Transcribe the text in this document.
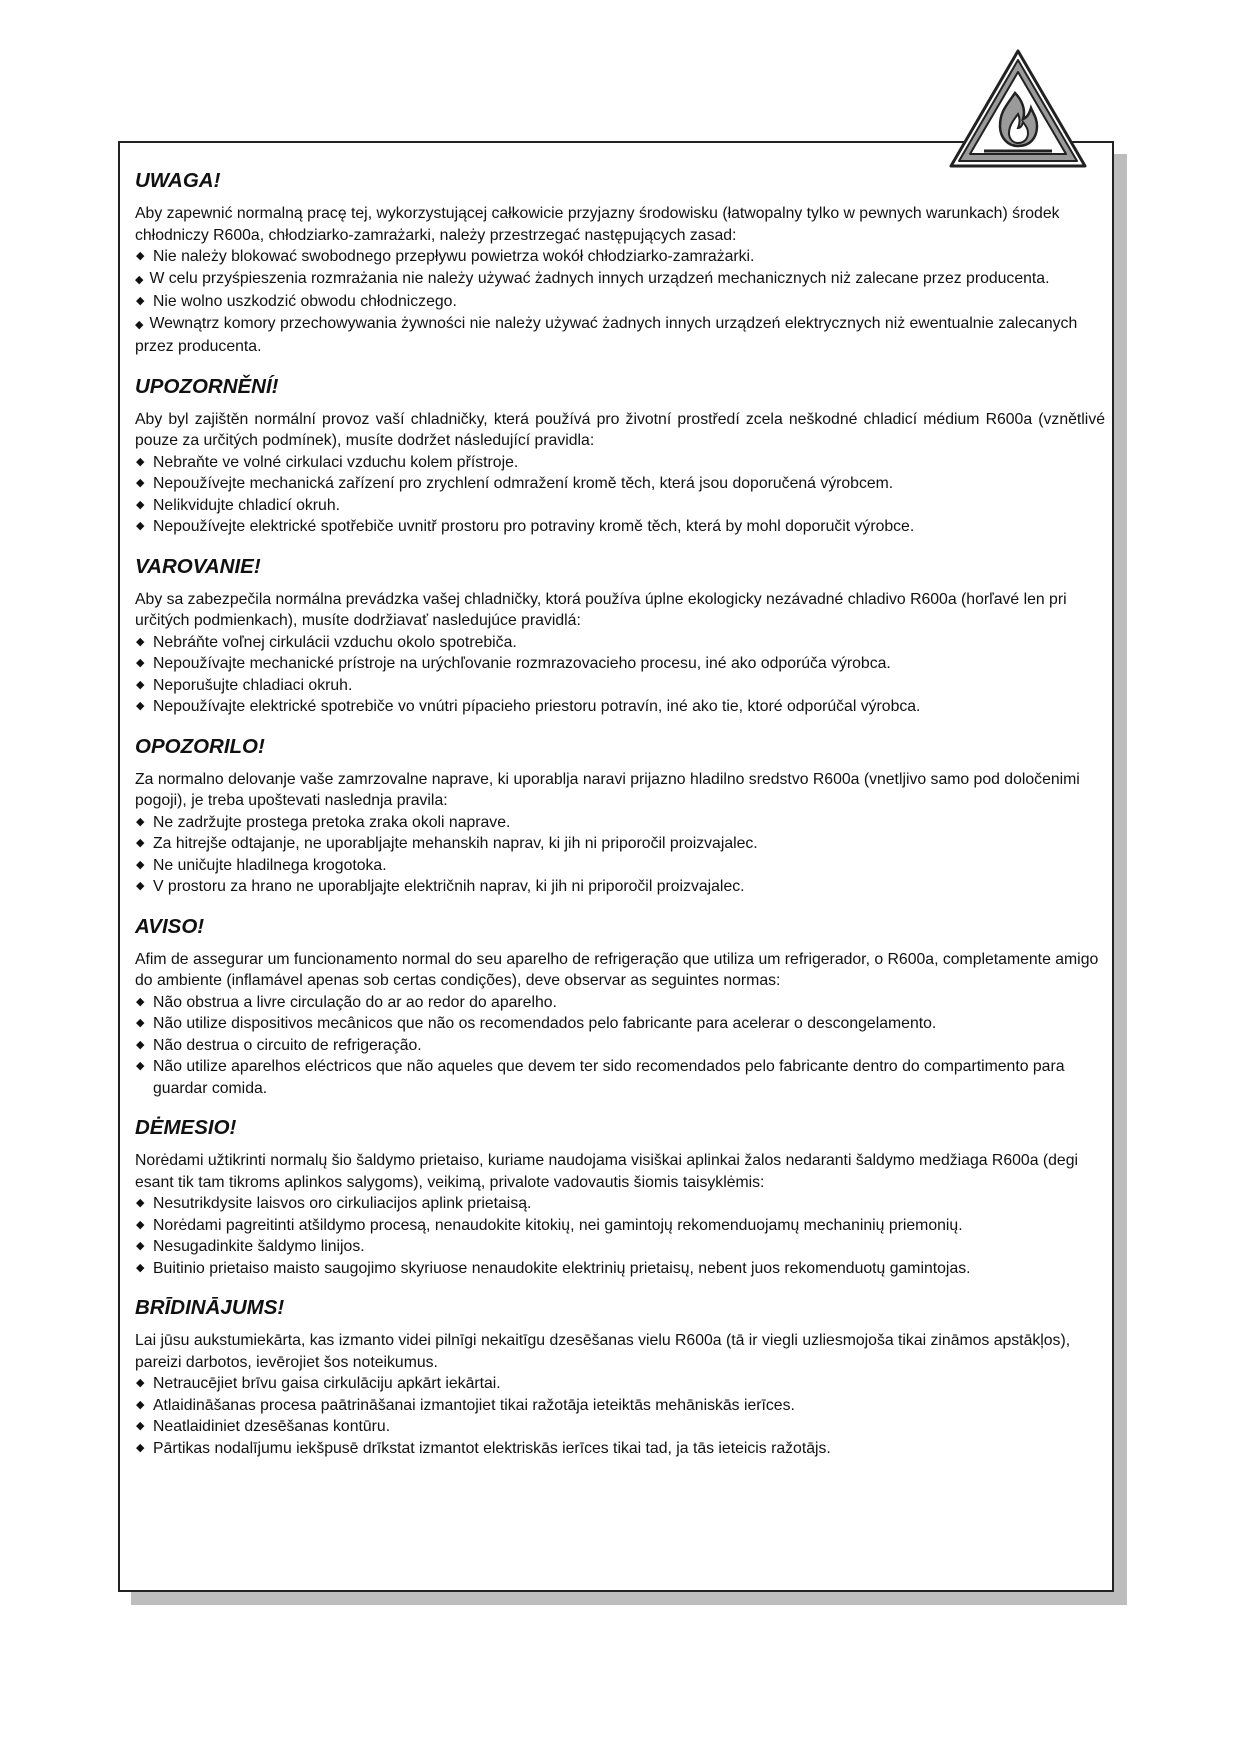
UWAGA!

Aby zapewnić normalną pracę tej, wykorzystującej całkowicie przyjazny środowisku (łatwopalny tylko w pewnych warunkach) środek chłodniczy R600a, chłodziarko-zamrażarki, należy przestrzegać następujących zasad:

◆ Nie należy blokować swobodnego przepływu powietrza wokół chłodziarko-zamrażarki.
◆ W celu przyśpieszenia rozmrażania nie należy używać żadnych innych urządzeń mechanicznych niż zalecane przez producenta.
◆ Nie wolno uszkodzić obwodu chłodniczego.
◆ Wewnątrz komory przechowywania żywności nie należy używać żadnych innych urządzeń elektrycznych niż ewentualnie zalecanych przez producenta.
UPOZORNĚNÍ!

Aby byl zajištěn normální provoz vaší chladničky, která používá pro životní prostředí zcela neškodné chladicí médium R600a (vznětlivé pouze za určitých podmínek), musíte dodržet následující pravidla:

◆ Nebraňte ve volné cirkulaci vzduchu kolem přístroje.
◆ Nepoužívejte mechanická zařízení pro zrychlení odmražení kromě těch, která jsou doporučená výrobcem.
◆ Nelikvidujte chladicí okruh.
◆ Nepoužívejte elektrické spotřebiče uvnitř prostoru pro potraviny kromě těch, která by mohl doporučit výrobce.
VAROVANIE!

Aby sa zabezpečila normálna prevádzka vašej chladničky, ktorá používa úplne ekologicky nezávadné chladivo R600a (horľavé len pri určitých podmienkach), musíte dodržiavať nasledujúce pravidlá:

◆ Nebráňte voľnej cirkulácii vzduchu okolo spotrebiča.
◆ Nepoužívajte mechanické prístroje na urýchľovanie rozmrazovacieho procesu, iné ako odporúča výrobca.
◆ Neporušujte chladiaci okruh.
◆ Nepoužívajte elektrické spotrebiče vo vnútri pípacieho priestoru potravín, iné ako tie, ktoré odporúčal výrobca.
OPOZORILO!

Za normalno delovanje vaše zamrzovalne naprave, ki uporablja naravi prijazno hladilno sredstvo R600a (vnetljivo samo pod določenimi pogoji), je treba upoštevati naslednja pravila:

◆ Ne zadržujte prostega pretoka zraka okoli naprave.
◆ Za hitrejše odtajanje, ne uporabljajte mehanskih naprav, ki jih ni priporočil proizvajalec.
◆ Ne uničujte hladilnega krogotoka.
◆ V prostoru za hrano ne uporabljajte električnih naprav, ki jih ni priporočil proizvajalec.
AVISO!

Afim de assegurar um funcionamento normal do seu aparelho de refrigeração que utiliza um refrigerador, o R600a, completamente amigo do ambiente (inflamável apenas sob certas condições), deve observar as seguintes normas:

◆ Não obstrua a livre circulação do ar ao redor do aparelho.
◆ Não utilize dispositivos mecânicos que não os recomendados pelo fabricante para acelerar o descongelamento.
◆ Não destrua o circuito de refrigeração.
◆ Não utilize aparelhos eléctricos que não aqueles que devem ter sido recomendados pelo fabricante dentro do compartimento para guardar comida.
DĖMESIO!

Norėdami užtikrinti normalų šio šaldymo prietaiso, kuriame naudojama visiškai aplinkai žalos nedaranti šaldymo medžiaga R600a (degi esant tik tam tikroms aplinkos salygoms), veikimą, privalote vadovautis šiomis taisyklėmis:

◆ Nesutrikdysite laisvos oro cirkuliacijos aplink prietaisą.
◆ Norėdami pagreitinti atšildymo procesą, nenaudokite kitokių, nei gamintojų rekomenduojamų mechaninių priemonių.
◆ Nesugadinkite šaldymo linijos.
◆ Buitinio prietaiso maisto saugojimo skyriuose nenaudokite elektrinių prietaisų, nebent juos rekomenduotų gamintojas.
BRĪDINĀJUMS!

Lai jūsu aukstumiekārta, kas izmanto videi pilnīgi nekaitīgu dzesēšanas vielu R600a (tā ir viegli uzliesmojoša tikai zināmos apstākļos), pareizi darbotos, ievērojiet šos noteikumus.

◆ Netraucējiet brīvu gaisa cirkulāciju apkārt iekārtai.
◆ Atlaidināšanas procesa paātrināšanai izmantojiet tikai ražotāja ieteiktās mehāniskās ierīces.
◆ Neatlaidiniet dzesēšanas kontūru.
◆ Pārtikas nodalījumu iekšpusē drīkstat izmantot elektriskās ierīces tikai tad, ja tās ieteicis ražotājs.
